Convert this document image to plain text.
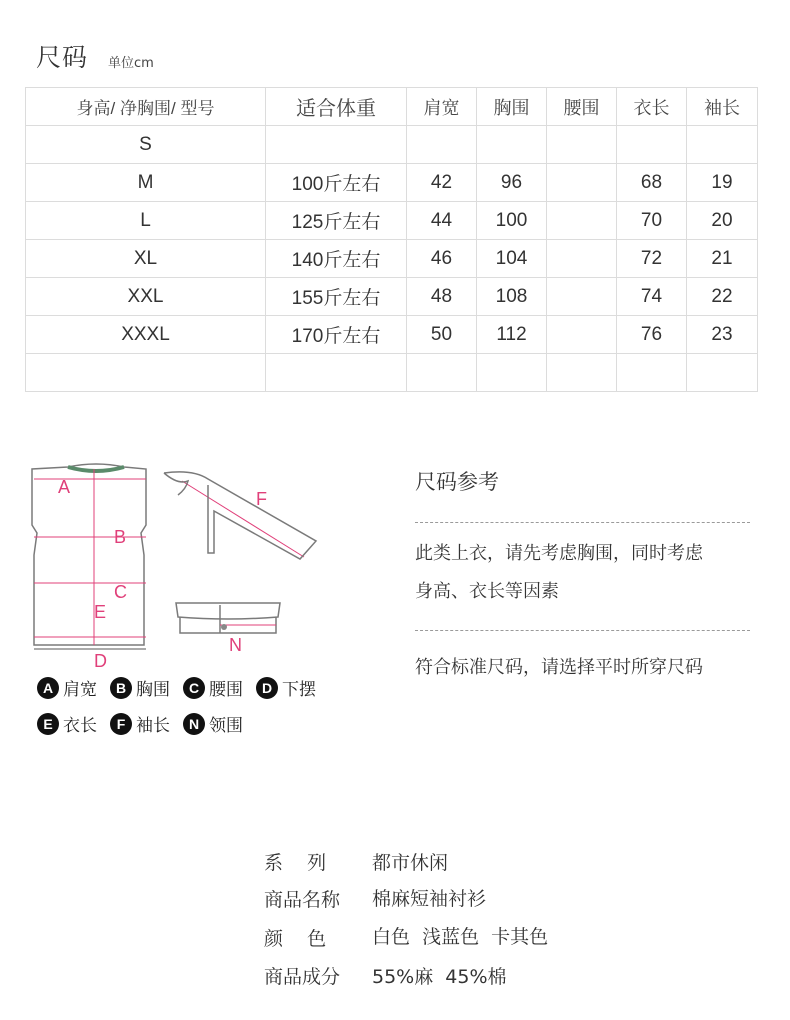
尺码 单位cm
身高/ 净胸围/ 型号	适合体重	肩宽	胸围	腰围	衣长	袖长
S						
M	100斤左右	42	96		68	19
L	125斤左右	44	100		70	20
XL	140斤左右	46	104		72	21
XXL	155斤左右	48	108		74	22
XXXL	170斤左右	50	112		76	23

A
B
C
D
E
F
N
A 肩宽	B 胸围	C 腰围	D 下摆
E 衣长	F 袖长	N 领围
尺码参考
此类上衣，请先考虑胸围，同时考虑
身高、衣长等因素
符合标准尺码，请选择平时所穿尺码
系    列 都市休闲
商品名称 棉麻短袖衬衫
颜    色 白色  浅蓝色  卡其色
商品成分 55%麻  45%棉
